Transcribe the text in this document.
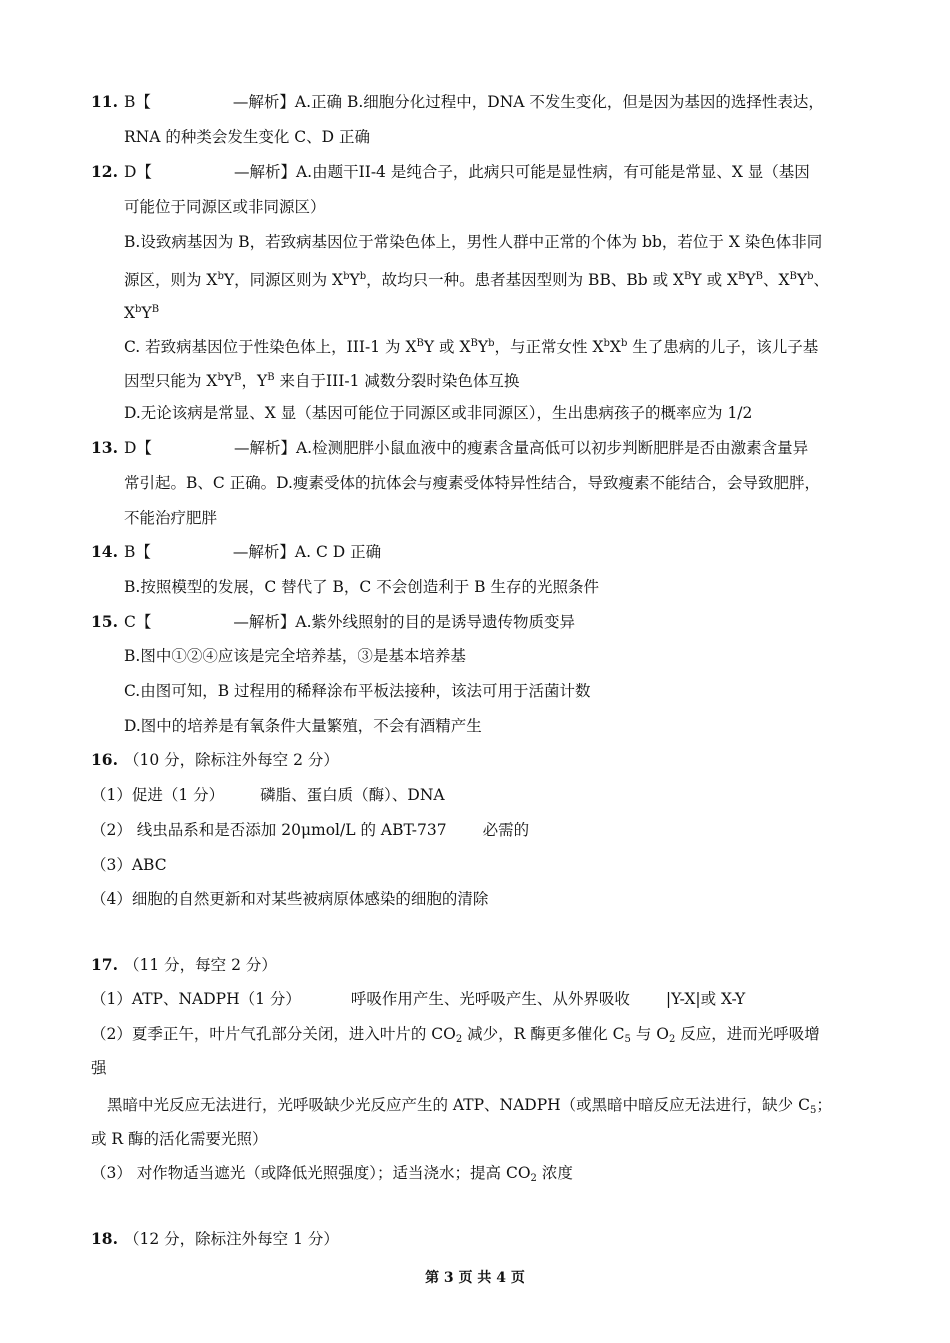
11. B【	—解析】A.正确 B.细胞分化过程中，DNA 不发生变化，但是因为基因的选择性表达，
RNA 的种类会发生变化 C、D 正确
12. D【	—解析】A.由题干II-4 是纯合子，此病只可能是显性病，有可能是常显、X 显（基因
可能位于同源区或非同源区）
B.设致病基因为 B，若致病基因位于常染色体上，男性人群中正常的个体为 bb，若位于 X 染色体非同
源区，则为 $X^bY$，同源区则为 $X^bY^b$，故均只一种。患者基因型则为 BB、Bb 或 $X^BY$ 或 $X^BY^B$、$X^BY^b$、
$X^bY^B$
C. 若致病基因位于性染色体上，III-1 为 $X^BY$ 或 $X^BY^b$，与正常女性 $X^bX^b$ 生了患病的儿子，该儿子基
因型只能为 $X^bY^B$，$Y^B$ 来自于III-1 减数分裂时染色体互换
D.无论该病是常显、X 显（基因可能位于同源区或非同源区），生出患病孩子的概率应为 1/2
13. D【	—解析】A.检测肥胖小鼠血液中的瘦素含量高低可以初步判断肥胖是否由激素含量异
常引起。B、C 正确。D.瘦素受体的抗体会与瘦素受体特异性结合，导致瘦素不能结合，会导致肥胖，
不能治疗肥胖
14. B【	—解析】A. C D 正确
B.按照模型的发展，C 替代了 B，C 不会创造利于 B 生存的光照条件
15. C【	—解析】A.紫外线照射的目的是诱导遗传物质变异
B.图中①②④应该是完全培养基，③是基本培养基
C.由图可知，B 过程用的稀释涂布平板法接种，该法可用于活菌计数
D.图中的培养是有氧条件大量繁殖，不会有酒精产生
16. （10 分，除标注外每空 2 分）
（1）促进（1 分） 磷脂、蛋白质（酶）、DNA
（2） 线虫品系和是否添加 20μmol/L 的 ABT-737 必需的
（3）ABC
（4）细胞的自然更新和对某些被病原体感染的细胞的清除
17. （11 分，每空 2 分）
（1）ATP、NADPH（1 分）	呼吸作用产生、光呼吸产生、从外界吸收 |Y-X|或 X-Y
（2）夏季正午，叶片气孔部分关闭，进入叶片的 $CO_2$ 减少，R 酶更多催化 $C_5$ 与 $O_2$ 反应，进而光呼吸增
强
黑暗中光反应无法进行，光呼吸缺少光反应产生的 ATP、NADPH（或黑暗中暗反应无法进行，缺少 $C_5$；
或 R 酶的活化需要光照）
（3） 对作物适当遮光（或降低光照强度）；适当浇水；提高 $CO_2$ 浓度
18. （12 分，除标注外每空 1 分）
第 3 页 共 4 页
